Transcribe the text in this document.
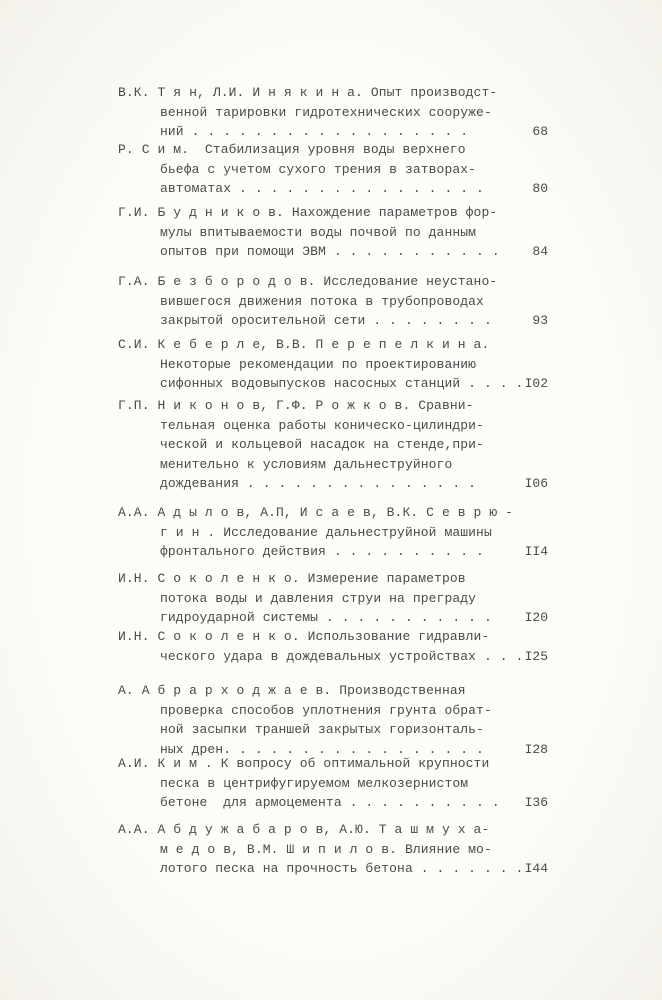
В.К. Т я н, Л.И. И н я к и н а. Опыт производст-
венной тарировки гидротехнических сооруже-
ний . . . . . . . . . . . . . . . . . .	68
Р. С и м.  Стабилизация уровня воды верхнего
бьефа с учетом сухого трения в затворах-
автоматах . . . . . . . . . . . . . . . .	80
Г.И. Б у д н и к о в. Нахождение параметров фор-
мулы впитываемости воды почвой по данным
опытов при помощи ЭВМ . . . . . . . . . . .	84
Г.А. Б е з б о р о д о в. Исследование неустано-
вившегося движения потока в трубопроводах
закрытой оросительной сети . . . . . . . .	93
С.И. К е б е р л е, В.В. П е р е п е л к и н а.
Некоторые рекомендации по проектированию
сифонных водовыпусков насосных станций . . . . I02
Г.П. Н и к о н о в, Г.Ф. Р о ж к о в. Сравни-
тельная оценка работы коническо-цилиндри-
ческой и кольцевой насадок на стенде,при-
менительно к условиям дальнеструйного
дождевания . . . . . . . . . . . . . . .	I06
А.А. А д ы л о в, А.П, И с а е в, В.К. С е в р ю -
г и н . Исследование дальнеструйной машины
фронтального действия . . . . . . . . . .	II4
И.Н. С о к о л е н к о. Измерение параметров
потока воды и давления струи на преграду
гидроударной системы . . . . . . . . . . .	I20
И.Н. С о к о л е н к о. Использование гидравли-
ческого удара в дождевальных устройствах . . . I25
А. А б р а р х о д ж а е в. Производственная
проверка способов уплотнения грунта обрат-
ной засыпки траншей закрытых горизонталь-
ных дрен. . . . . . . . . . . . . . . . .	I28
А.И. К и м . К вопросу об оптимальной крупности
песка в центрифугируемом мелкозернистом
бетоне  для армоцемента . . . . . . . . . .	I36
А.А. А б д у ж а б а р о в, А.Ю. Т а ш м у х а-
м е д о в, В.М. Ш и п и л о в. Влияние мо-
лотого песка на прочность бетона . . . . . . . I44
